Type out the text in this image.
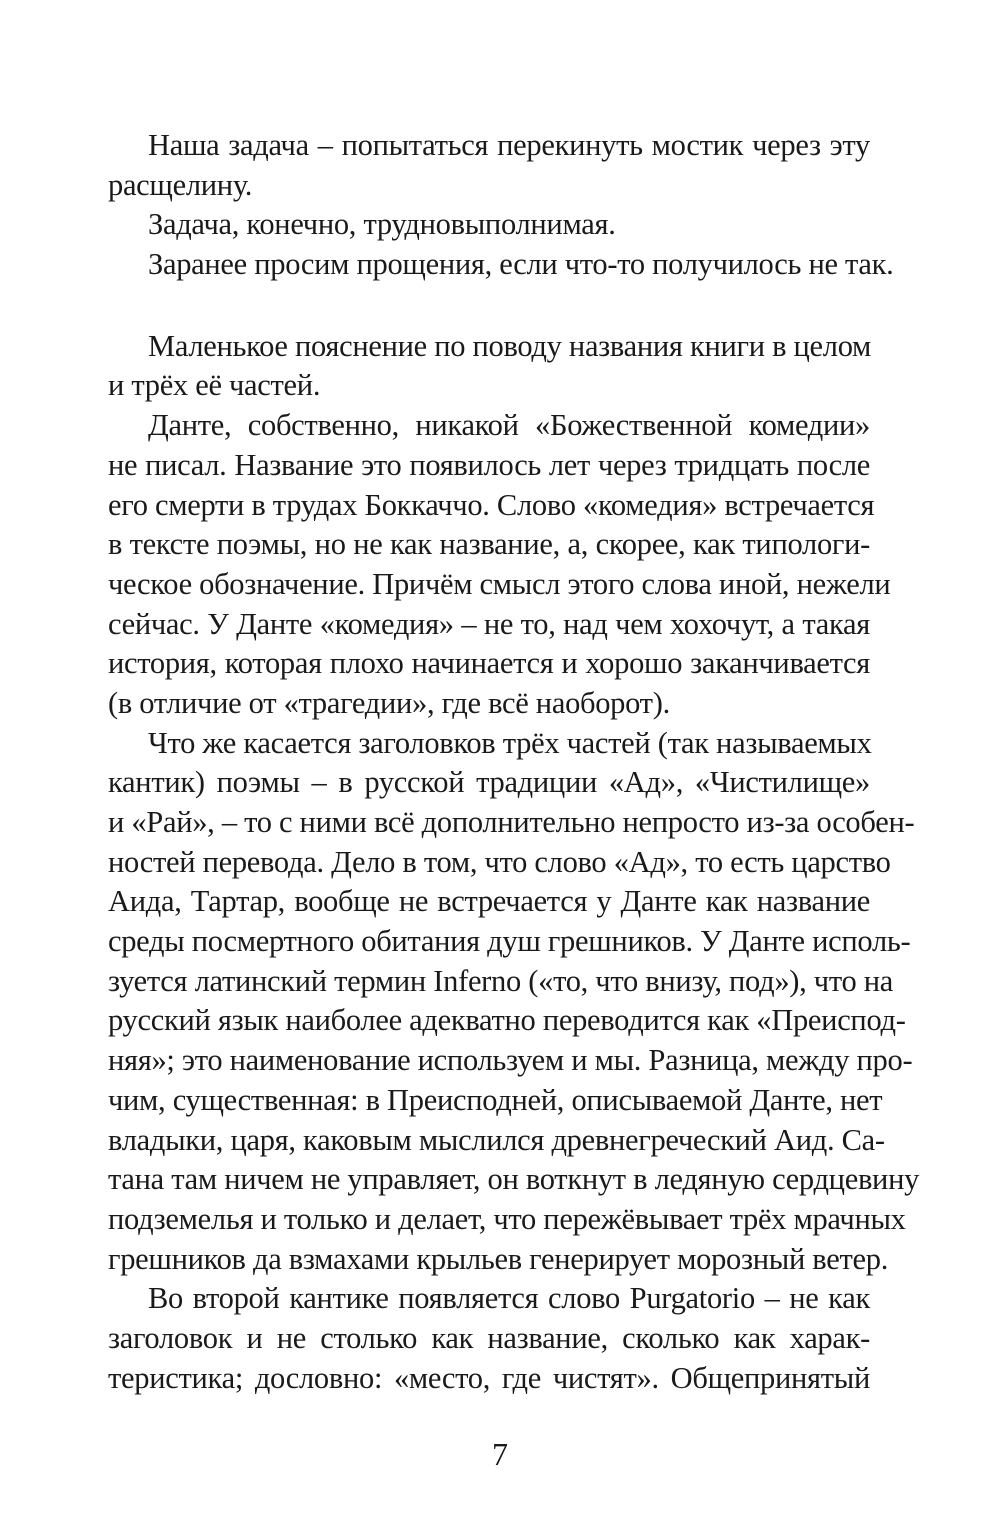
Наша задача – попытаться перекинуть мостик через эту
расщелину.

Задача, конечно, трудновыполнимая.

Заранее просим прощения, если что-то получилось не так.

Маленькое пояснение по поводу названия книги в целом
и трёх её частей.

Данте, собственно, никакой «Божественной комедии»
не писал. Название это появилось лет через тридцать после
его смерти в трудах Боккаччо. Слово «комедия» встречается
в тексте поэмы, но не как название, а, скорее, как типологи-
ческое обозначение. Причём смысл этого слова иной, нежели
сейчас. У Данте «комедия» – не то, над чем хохочут, а такая
история, которая плохо начинается и хорошо заканчивается
(в отличие от «трагедии», где всё наоборот).

Что же касается заголовков трёх частей (так называемых
кантик) поэмы – в русской традиции «Ад», «Чистилище»
и «Рай», – то с ними всё дополнительно непросто из-за особен-
ностей перевода. Дело в том, что слово «Ад», то есть царство
Аида, Тартар, вообще не встречается у Данте как название
среды посмертного обитания душ грешников. У Данте исполь-
зуется латинский термин Inferno («то, что внизу, под»), что на
русский язык наиболее адекватно переводится как «Преиспод-
няя»; это наименование используем и мы. Разница, между про-
чим, существенная: в Преисподней, описываемой Данте, нет
владыки, царя, каковым мыслился древнегреческий Аид. Са-
тана там ничем не управляет, он воткнут в ледяную сердцевину
подземелья и только и делает, что пережёвывает трёх мрачных
грешников да взмахами крыльев генерирует морозный ветер.

Во второй кантике появляется слово Purgatorio – не как
заголовок и не столько как название, сколько как харак-
теристика; дословно: «место, где чистят». Общепринятый

7
